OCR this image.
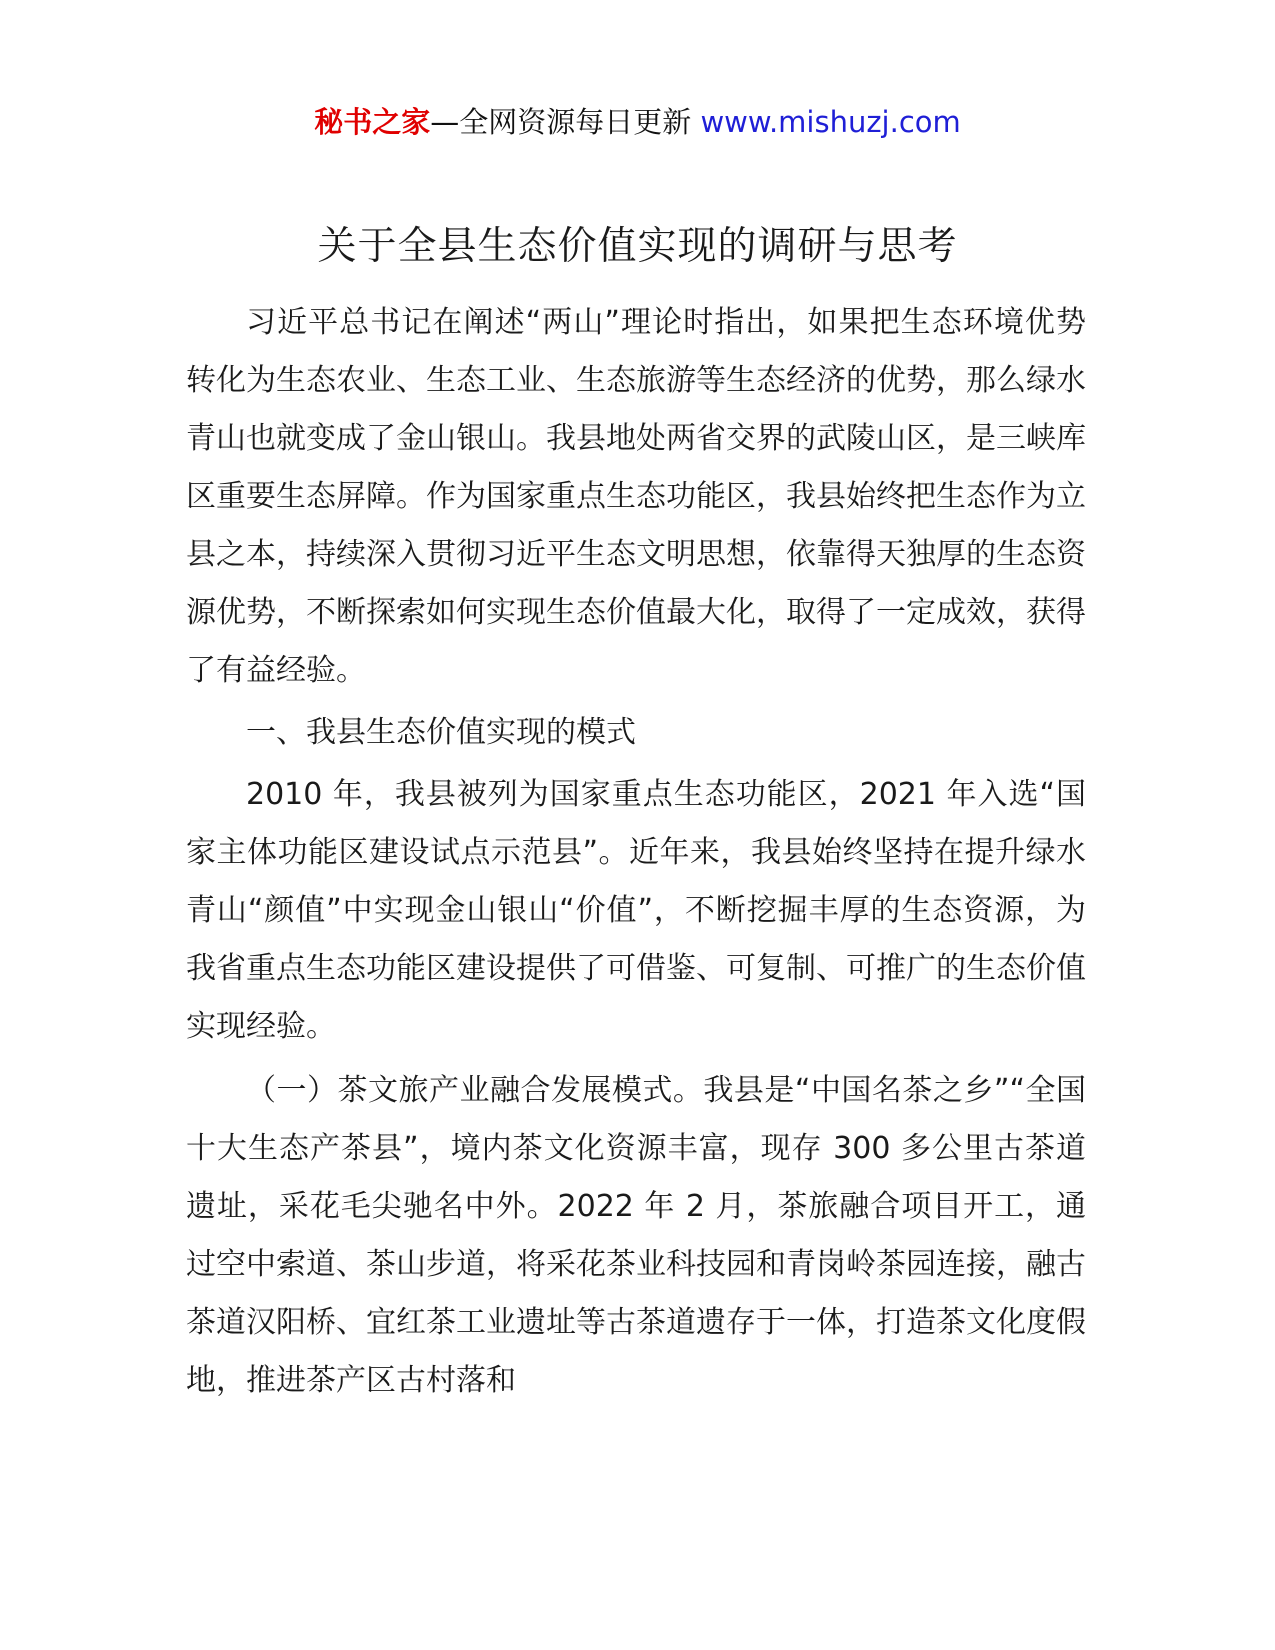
秘书之家—全网资源每日更新 www.mishuzj.com
关于全县生态价值实现的调研与思考

习近平总书记在阐述“两山”理论时指出，如果把生态环境优势转化为生态农业、生态工业、生态旅游等生态经济的优势，那么绿水青山也就变成了金山银山。我县地处两省交界的武陵山区，是三峡库区重要生态屏障。作为国家重点生态功能区，我县始终把生态作为立县之本，持续深入贯彻习近平生态文明思想，依靠得天独厚的生态资源优势，不断探索如何实现生态价值最大化，取得了一定成效，获得了有益经验。

一、我县生态价值实现的模式

2010 年，我县被列为国家重点生态功能区，2021 年入选“国家主体功能区建设试点示范县”。近年来，我县始终坚持在提升绿水青山“颜值”中实现金山银山“价值”，不断挖掘丰厚的生态资源，为我省重点生态功能区建设提供了可借鉴、可复制、可推广的生态价值实现经验。

（一）茶文旅产业融合发展模式。我县是“中国名茶之乡”“全国十大生态产茶县”，境内茶文化资源丰富，现存 300 多公里古茶道遗址，采花毛尖驰名中外。2022 年 2 月，茶旅融合项目开工，通过空中索道、茶山步道，将采花茶业科技园和青岗岭茶园连接，融古茶道汉阳桥、宜红茶工业遗址等古茶道遗存于一体，打造茶文化度假地，推进茶产区古村落和
